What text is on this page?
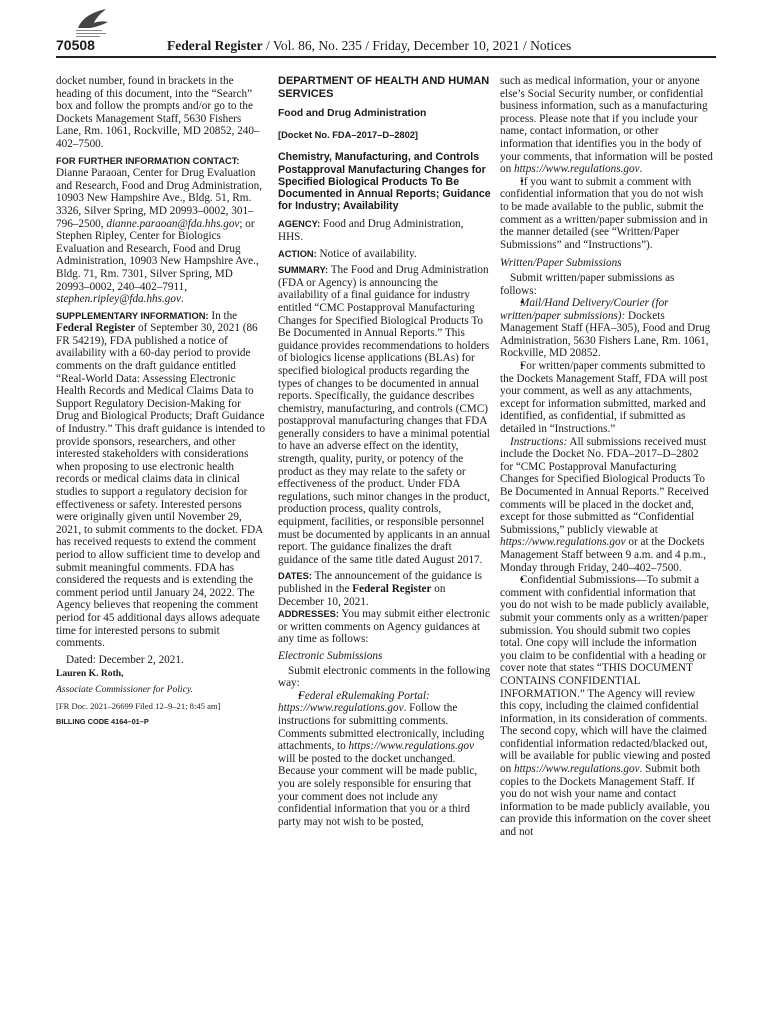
70508	Federal Register / Vol. 86, No. 235 / Friday, December 10, 2021 / Notices

docket number, found in brackets in the heading of this document, into the “Search” box and follow the prompts and/or go to the Dockets Management Staff, 5630 Fishers Lane, Rm. 1061, Rockville, MD 20852, 240–402–7500.

FOR FURTHER INFORMATION CONTACT:
Dianne Paraoan, Center for Drug Evaluation and Research, Food and Drug Administration, 10903 New Hampshire Ave., Bldg. 51, Rm. 3326, Silver Spring, MD 20993–0002, 301–796–2500, dianne.paraoan@fda.hhs.gov; or Stephen Ripley, Center for Biologics Evaluation and Research, Food and Drug Administration, 10903 New Hampshire Ave., Bldg. 71, Rm. 7301, Silver Spring, MD 20993–0002, 240–402–7911, stephen.ripley@fda.hhs.gov.

SUPPLEMENTARY INFORMATION: In the Federal Register of September 30, 2021 (86 FR 54219), FDA published a notice of availability with a 60-day period to provide comments on the draft guidance entitled “Real-World Data: Assessing Electronic Health Records and Medical Claims Data to Support Regulatory Decision-Making for Drug and Biological Products; Draft Guidance of Industry.” This draft guidance is intended to provide sponsors, researchers, and other interested stakeholders with considerations when proposing to use electronic health records or medical claims data in clinical studies to support a regulatory decision for effectiveness or safety. Interested persons were originally given until November 29, 2021, to submit comments to the docket. FDA has received requests to extend the comment period to allow sufficient time to develop and submit meaningful comments. FDA has considered the requests and is extending the comment period until January 24, 2022. The Agency believes that reopening the comment period for 45 additional days allows adequate time for interested persons to submit comments.

Dated: December 2, 2021.

Lauren K. Roth,

Associate Commissioner for Policy.

[FR Doc. 2021–26699 Filed 12–9–21; 8:45 am]

BILLING CODE 4164–01–P

DEPARTMENT OF HEALTH AND HUMAN SERVICES

Food and Drug Administration

[Docket No. FDA–2017–D–2802]

Chemistry, Manufacturing, and Controls Postapproval Manufacturing Changes for Specified Biological Products To Be Documented in Annual Reports; Guidance for Industry; Availability

AGENCY: Food and Drug Administration, HHS.

ACTION: Notice of availability.

SUMMARY: The Food and Drug Administration (FDA or Agency) is announcing the availability of a final guidance for industry entitled “CMC Postapproval Manufacturing Changes for Specified Biological Products To Be Documented in Annual Reports.” This guidance provides recommendations to holders of biologics license applications (BLAs) for specified biological products regarding the types of changes to be documented in annual reports. Specifically, the guidance describes chemistry, manufacturing, and controls (CMC) postapproval manufacturing changes that FDA generally considers to have a minimal potential to have an adverse effect on the identity, strength, quality, purity, or potency of the product as they may relate to the safety or effectiveness of the product. Under FDA regulations, such minor changes in the product, production process, quality controls, equipment, facilities, or responsible personnel must be documented by applicants in an annual report. The guidance finalizes the draft guidance of the same title dated August 2017.

DATES: The announcement of the guidance is published in the Federal Register on December 10, 2021.

ADDRESSES: You may submit either electronic or written comments on Agency guidances at any time as follows:

Electronic Submissions

Submit electronic comments in the following way:

• Federal eRulemaking Portal: https://www.regulations.gov. Follow the instructions for submitting comments. Comments submitted electronically, including attachments, to https://www.regulations.gov will be posted to the docket unchanged. Because your comment will be made public, you are solely responsible for ensuring that your comment does not include any confidential information that you or a third party may not wish to be posted,

such as medical information, your or anyone else’s Social Security number, or confidential business information, such as a manufacturing process. Please note that if you include your name, contact information, or other information that identifies you in the body of your comments, that information will be posted on https://www.regulations.gov.

• If you want to submit a comment with confidential information that you do not wish to be made available to the public, submit the comment as a written/paper submission and in the manner detailed (see “Written/Paper Submissions” and “Instructions”).

Written/Paper Submissions

Submit written/paper submissions as follows:

• Mail/Hand Delivery/Courier (for written/paper submissions): Dockets Management Staff (HFA–305), Food and Drug Administration, 5630 Fishers Lane, Rm. 1061, Rockville, MD 20852.

• For written/paper comments submitted to the Dockets Management Staff, FDA will post your comment, as well as any attachments, except for information submitted, marked and identified, as confidential, if submitted as detailed in “Instructions.”

Instructions: All submissions received must include the Docket No. FDA–2017–D–2802 for “CMC Postapproval Manufacturing Changes for Specified Biological Products To Be Documented in Annual Reports.” Received comments will be placed in the docket and, except for those submitted as “Confidential Submissions,” publicly viewable at https://www.regulations.gov or at the Dockets Management Staff between 9 a.m. and 4 p.m., Monday through Friday, 240–402–7500.

• Confidential Submissions—To submit a comment with confidential information that you do not wish to be made publicly available, submit your comments only as a written/paper submission. You should submit two copies total. One copy will include the information you claim to be confidential with a heading or cover note that states “THIS DOCUMENT CONTAINS CONFIDENTIAL INFORMATION.” The Agency will review this copy, including the claimed confidential information, in its consideration of comments. The second copy, which will have the claimed confidential information redacted/blacked out, will be available for public viewing and posted on https://www.regulations.gov. Submit both copies to the Dockets Management Staff. If you do not wish your name and contact information to be made publicly available, you can provide this information on the cover sheet and not
